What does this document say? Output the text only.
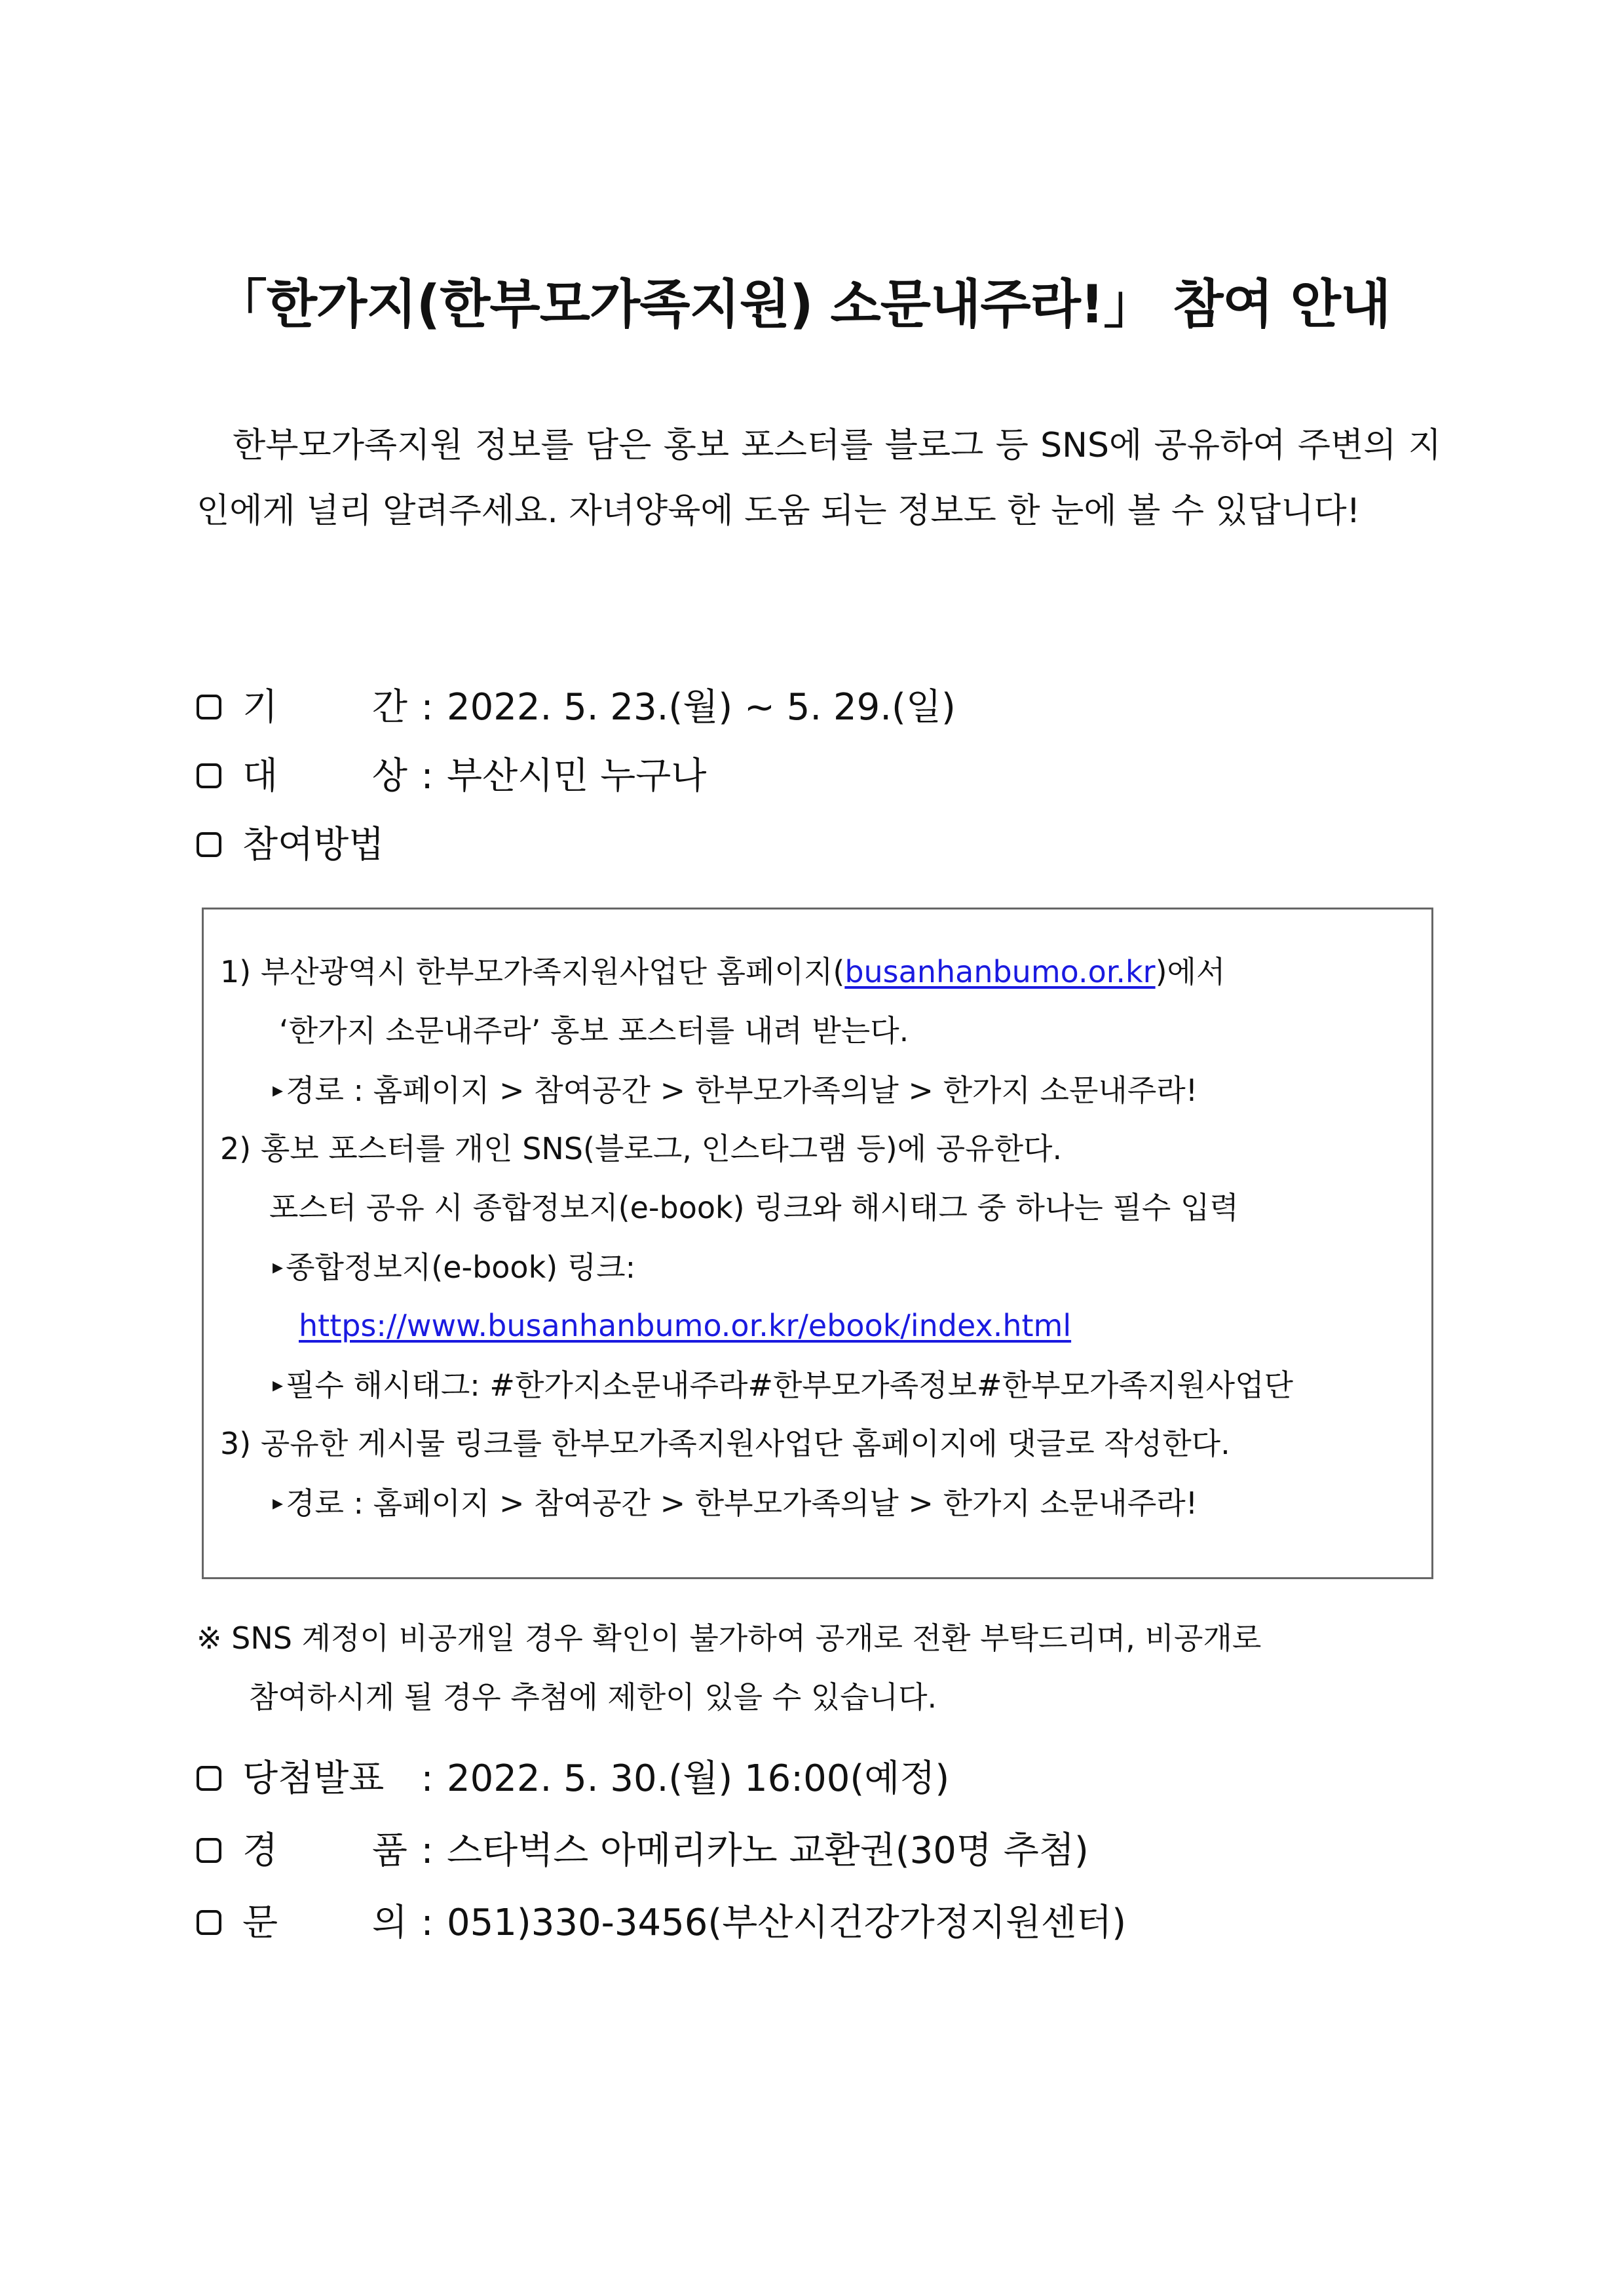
「한가지(한부모가족지원) 소문내주라!」 참여 안내

한부모가족지원 정보를 담은 홍보 포스터를 블로그 등 SNS에 공유하여 주변의 지인에게 널리 알려주세요. 자녀양육에 도움 되는 정보도 한 눈에 볼 수 있답니다!

기 간 : 2022. 5. 23.(월) ~ 5. 29.(일)
대 상 : 부산시민 누구나
참여방법
1) 부산광역시 한부모가족지원사업단 홈페이지(busanhanbumo.or.kr)에서
‘한가지 소문내주라’ 홍보 포스터를 내려 받는다.
▸경로 : 홈페이지 > 참여공간 > 한부모가족의날 > 한가지 소문내주라!
2) 홍보 포스터를 개인 SNS(블로그, 인스타그램 등)에 공유한다.
포스터 공유 시 종합정보지(e-book) 링크와 해시태그 중 하나는 필수 입력
▸종합정보지(e-book) 링크:
https://www.busanhanbumo.or.kr/ebook/index.html
▸필수 해시태그: #한가지소문내주라#한부모가족정보#한부모가족지원사업단
3) 공유한 게시물 링크를 한부모가족지원사업단 홈페이지에 댓글로 작성한다.
▸경로 : 홈페이지 > 참여공간 > 한부모가족의날 > 한가지 소문내주라!
※ SNS 계정이 비공개일 경우 확인이 불가하여 공개로 전환 부탁드리며, 비공개로
참여하시게 될 경우 추첨에 제한이 있을 수 있습니다.
당첨발표 : 2022. 5. 30.(월) 16:00(예정)
경 품 : 스타벅스 아메리카노 교환권(30명 추첨)
문 의 : 051)330-3456(부산시건강가정지원센터)
